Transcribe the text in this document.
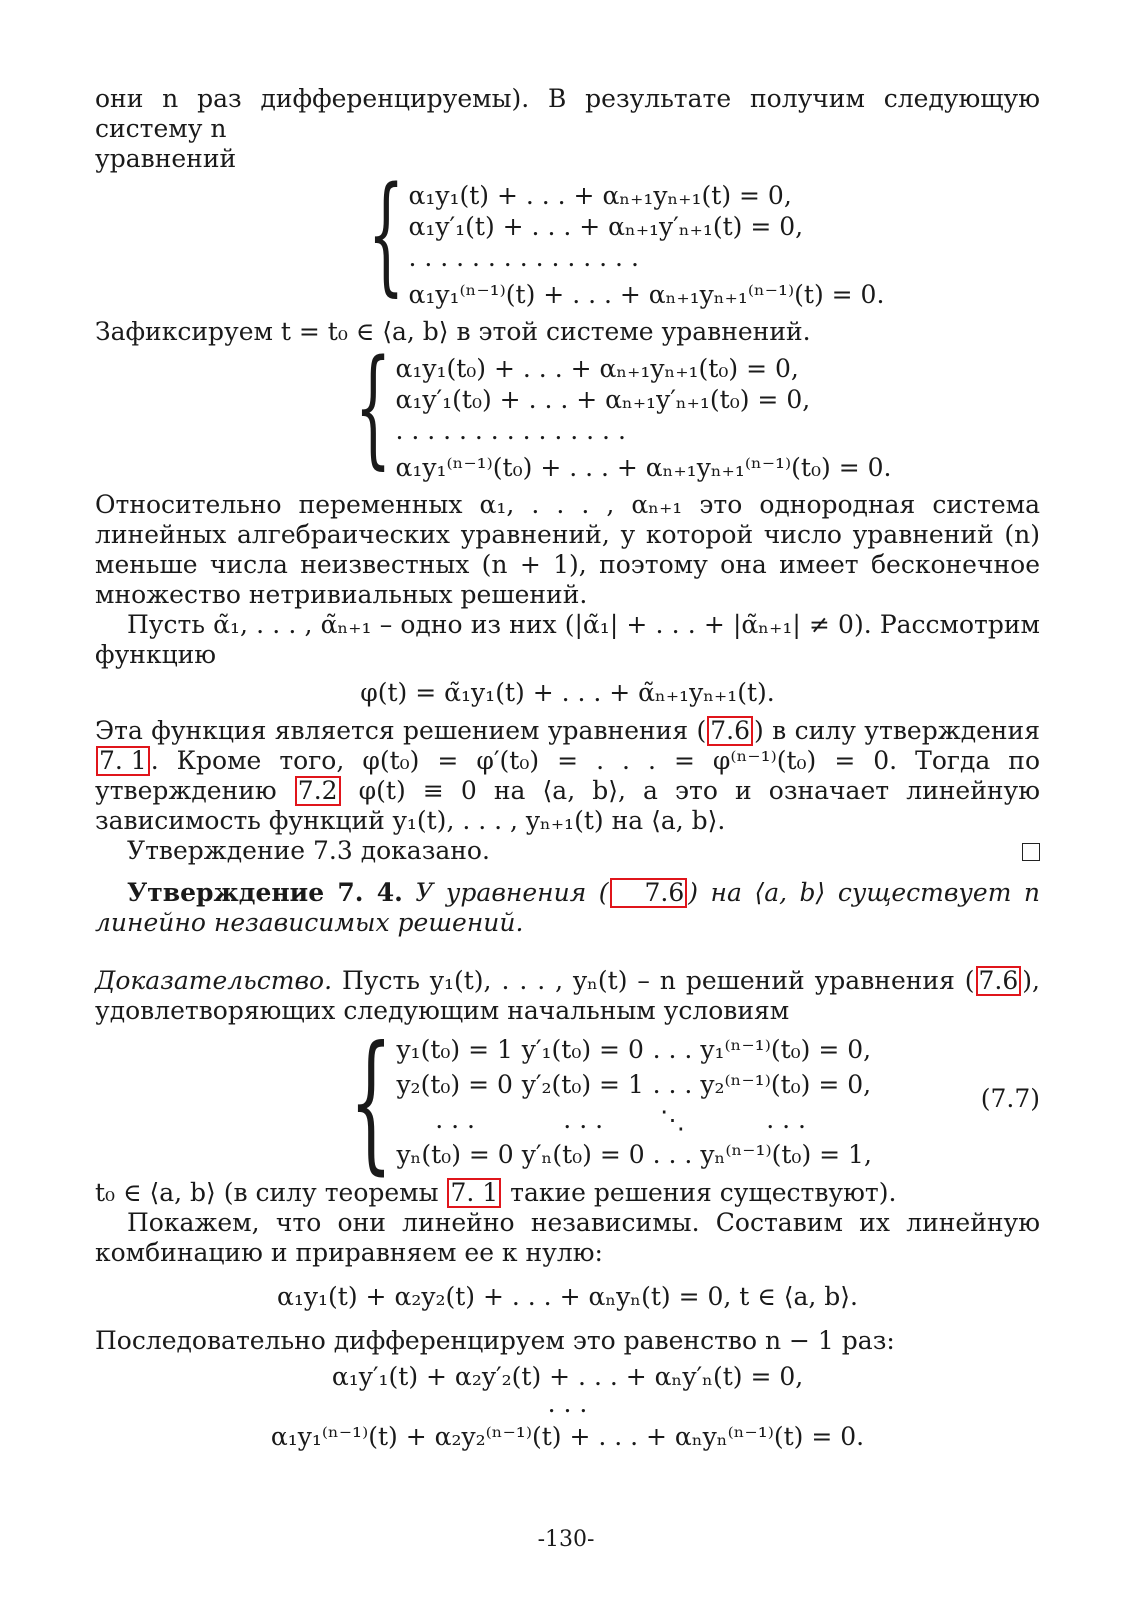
они n раз дифференцируемы). В результате получим следующую систему n
уравнений

{ α₁y₁(t) + . . . + αₙ₊₁yₙ₊₁(t) = 0,
α₁y′₁(t) + . . . + αₙ₊₁y′ₙ₊₁(t) = 0,
. . . . . . . . . . . . . . .
α₁y₁⁽ⁿ⁻¹⁾(t) + . . . + αₙ₊₁yₙ₊₁⁽ⁿ⁻¹⁾(t) = 0.

Зафиксируем t = t₀ ∈ ⟨a, b⟩ в этой системе уравнений.

{ α₁y₁(t₀) + . . . + αₙ₊₁yₙ₊₁(t₀) = 0,
α₁y′₁(t₀) + . . . + αₙ₊₁y′ₙ₊₁(t₀) = 0,
. . . . . . . . . . . . . . .
α₁y₁⁽ⁿ⁻¹⁾(t₀) + . . . + αₙ₊₁yₙ₊₁⁽ⁿ⁻¹⁾(t₀) = 0.

Относительно переменных α₁, . . . , αₙ₊₁ это однородная система линейных алгебраических уравнений, у которой число уравнений (n) меньше числа неизвестных (n + 1), поэтому она имеет бесконечное множество нетривиальных решений.

Пусть α̃₁, . . . , α̃ₙ₊₁ – одно из них (|α̃₁| + . . . + |α̃ₙ₊₁| ≠ 0). Рассмотрим функцию

φ(t) = α̃₁y₁(t) + . . . + α̃ₙ₊₁yₙ₊₁(t).

Эта функция является решением уравнения ( 7.6 ) в силу утверждения 7. 1 . Кроме того, φ(t₀) = φ′(t₀) = . . . = φ⁽ⁿ⁻¹⁾(t₀) = 0. Тогда по утверждению 7.2 φ(t) ≡ 0 на ⟨a, b⟩, а это и означает линейную зависимость функций y₁(t), . . . , yₙ₊₁(t) на ⟨a, b⟩.

Утверждение 7.3 доказано.

Утверждение 7. 4. У уравнения ( 7.6 ) на ⟨a, b⟩ существует n линейно независимых решений.

Доказательство. Пусть y₁(t), . . . , yₙ(t) – n решений уравнения ( 7.6 ), удовлетворяющих следующим начальным условиям

{ y₁(t₀) = 1	y′₁(t₀) = 0	. . .	y₁⁽ⁿ⁻¹⁾(t₀) = 0,
y₂(t₀) = 0	y′₂(t₀) = 1	. . .	y₂⁽ⁿ⁻¹⁾(t₀) = 0,
. . .	. . .	⋱	. . .
yₙ(t₀) = 0	y′ₙ(t₀) = 0	. . .	yₙ⁽ⁿ⁻¹⁾(t₀) = 1,
(7.7)

t₀ ∈ ⟨a, b⟩ (в силу теоремы 7. 1 такие решения существуют).

Покажем, что они линейно независимы. Составим их линейную комбинацию и приравняем ее к нулю:

α₁y₁(t) + α₂y₂(t) + . . . + αₙyₙ(t) = 0, t ∈ ⟨a, b⟩.

Последовательно дифференцируем это равенство n − 1 раз:

α₁y′₁(t) + α₂y′₂(t) + . . . + αₙy′ₙ(t) = 0,
. . .
α₁y₁⁽ⁿ⁻¹⁾(t) + α₂y₂⁽ⁿ⁻¹⁾(t) + . . . + αₙyₙ⁽ⁿ⁻¹⁾(t) = 0.
-130-
